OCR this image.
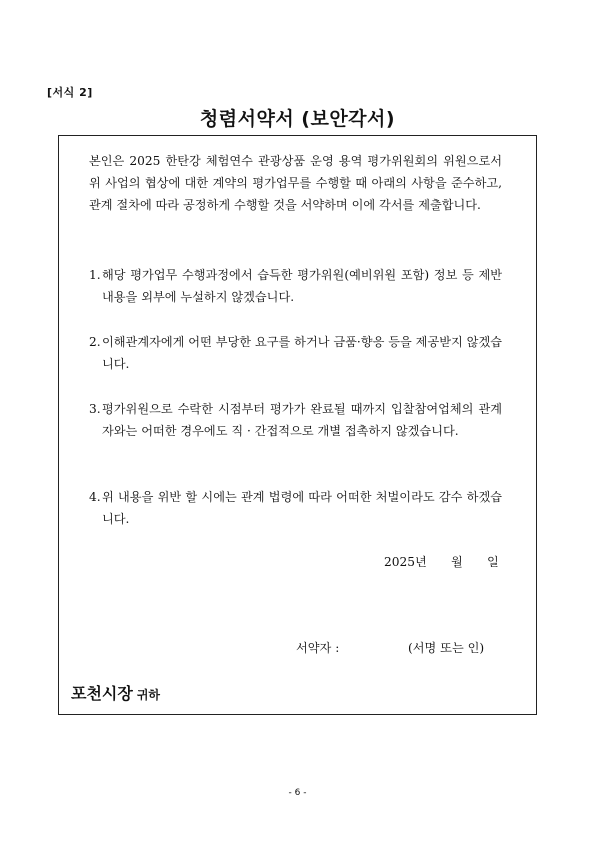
[서식 2]
청렴서약서 (보안각서)
본인은 2025 한탄강 체험연수 관광상품 운영 용역 평가위원회의 위원으로서 위 사업의 협상에 대한 계약의 평가업무를 수행할 때 아래의 사항을 준수하고, 관계 절차에 따라 공정하게 수행할 것을 서약하며 이에 각서를 제출합니다.
1. 해당 평가업무 수행과정에서 습득한 평가위원(예비위원 포함) 정보 등 제반내용을 외부에 누설하지 않겠습니다.
2. 이해관계자에게 어떤 부당한 요구를 하거나 금품·향응 등을 제공받지 않겠습니다.
3. 평가위원으로 수락한 시점부터 평가가 완료될 때까지 입찰참여업체의 관계자와는 어떠한 경우에도 직 · 간접적으로 개별 접촉하지 않겠습니다.
4. 위 내용을 위반 할 시에는 관계 법령에 따라 어떠한 처벌이라도 감수 하겠습니다.
2025년 월 일
서약자 :	(서명 또는 인)
포천시장 귀하
- 6 -
